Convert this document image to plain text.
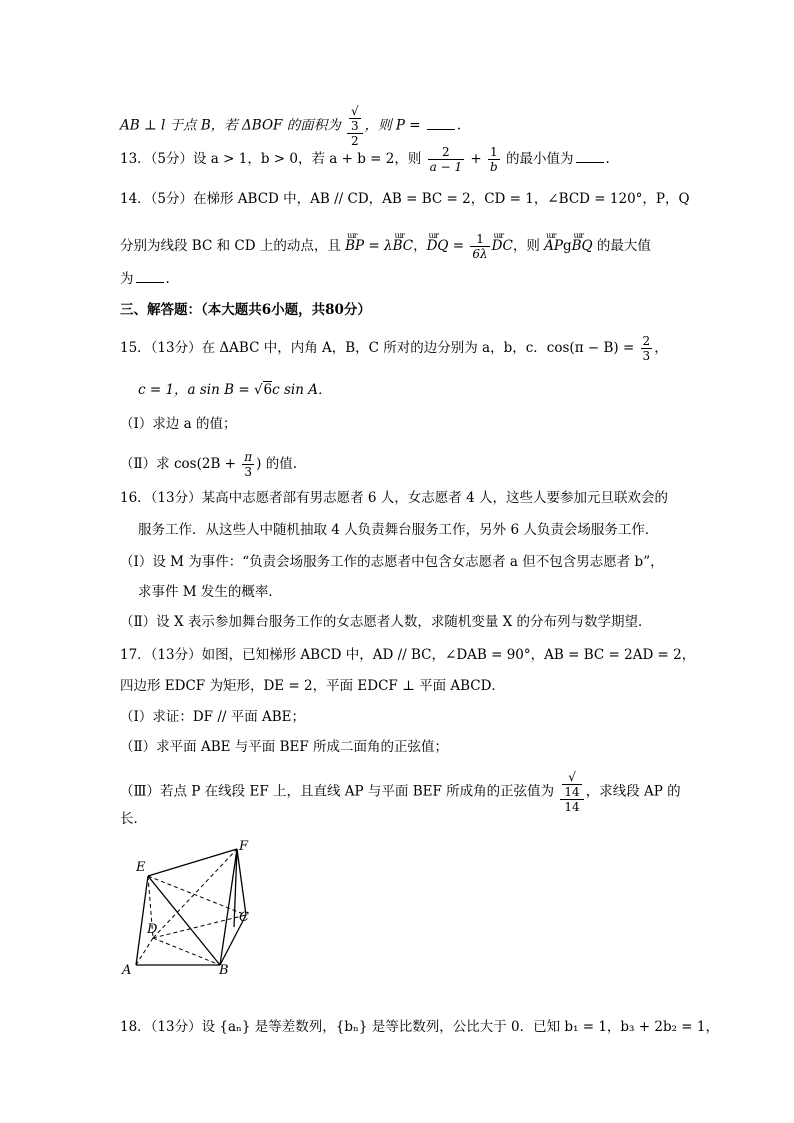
AB ⊥ l 于点 B，若 ΔBOF 的面积为 √
3
2 ，则 P = .
13．（5分）设 a > 1，b > 0，若 a + b = 2，则 $\frac{2}{a - 1} + \frac{1}{b}$ 的最小值为 .
14．（5分）在梯形 ABCD 中，AB // CD，AB = BC = 2，CD = 1，∠BCD = 120°，P，Q
分别为线段 BC 和 CD 上的动点，且 ɯr BP = λɯr BC，ɯr DQ = $\frac{1}{6\lambda}$
ɯr DC，则 ɯr APgɯr BQ 的最大值
为 .
三、解答题：（本大题共6小题，共80分）
15．（13分）在 ΔABC 中，内角 A，B，C 所对的边分别为 a，b，c．$\cos(\pi - B) = \frac{2}{3}$ ，
c = 1，a sin B = √6c sin A．
（Ⅰ）求边 a 的值；
（Ⅱ）求 $\cos(2B + \frac{\pi}{3}$ ) 的值.
16．（13分）某高中志愿者部有男志愿者 6 人，女志愿者 4 人，这些人要参加元旦联欢会的
服务工作．从这些人中随机抽取 4 人负责舞台服务工作，另外 6 人负责会场服务工作．
（Ⅰ）设 M 为事件：“负责会场服务工作的志愿者中包含女志愿者 a 但不包含男志愿者 b”，
求事件 M 发生的概率．
（Ⅱ）设 X 表示参加舞台服务工作的女志愿者人数，求随机变量 X 的分布列与数学期望．
17．（13分）如图，已知梯形 ABCD 中，AD // BC，∠DAB = 90°，AB = BC = 2AD = 2，
四边形 EDCF 为矩形，DE = 2，平面 EDCF ⊥ 平面 ABCD．
（Ⅰ）求证：DF // 平面 ABE；
（Ⅱ）求平面 ABE 与平面 BEF 所成二面角的正弦值；
（Ⅲ）若点 P 在线段 EF 上，且直线 AP 与平面 BEF 所成角的正弦值为 √
14
14 ，求线段 AP 的
长．
E
F
D
C
A	B
18．（13分）设 {aₙ} 是等差数列，{bₙ} 是等比数列，公比大于 0．已知 b₁ = 1，b₃ + 2b₂ = 1，
